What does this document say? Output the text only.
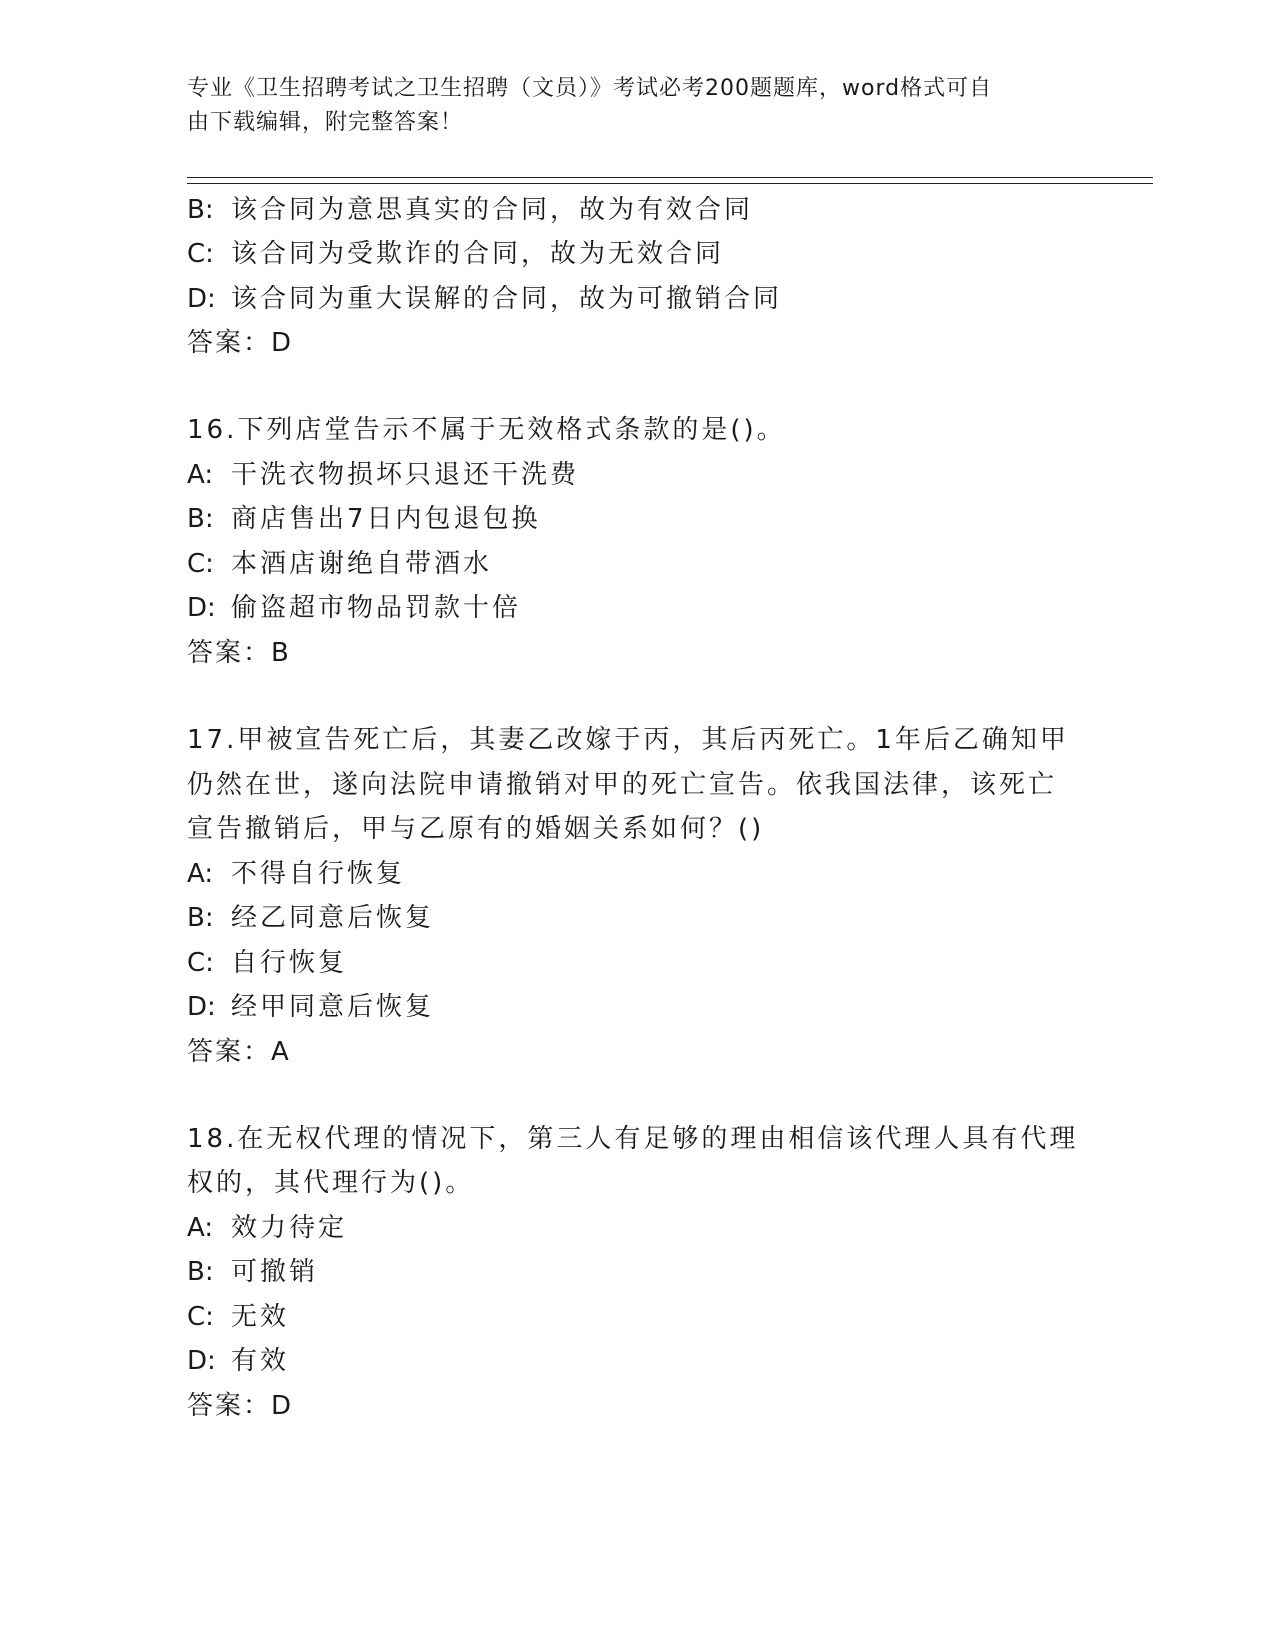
专业《卫生招聘考试之卫生招聘（文员）》考试必考200题题库，word格式可自
由下载编辑，附完整答案！
B: 该合同为意思真实的合同，故为有效合同
C: 该合同为受欺诈的合同，故为无效合同
D: 该合同为重大误解的合同，故为可撤销合同
答案：D
16.下列店堂告示不属于无效格式条款的是()。
A: 干洗衣物损坏只退还干洗费
B: 商店售出7日内包退包换
C: 本酒店谢绝自带酒水
D: 偷盗超市物品罚款十倍
答案：B
17.甲被宣告死亡后，其妻乙改嫁于丙，其后丙死亡。1年后乙确知甲
仍然在世，遂向法院申请撤销对甲的死亡宣告。依我国法律，该死亡
宣告撤销后，甲与乙原有的婚姻关系如何？()
A: 不得自行恢复
B: 经乙同意后恢复
C: 自行恢复
D: 经甲同意后恢复
答案：A
18.在无权代理的情况下，第三人有足够的理由相信该代理人具有代理
权的，其代理行为()。
A: 效力待定
B: 可撤销
C: 无效
D: 有效
答案：D
